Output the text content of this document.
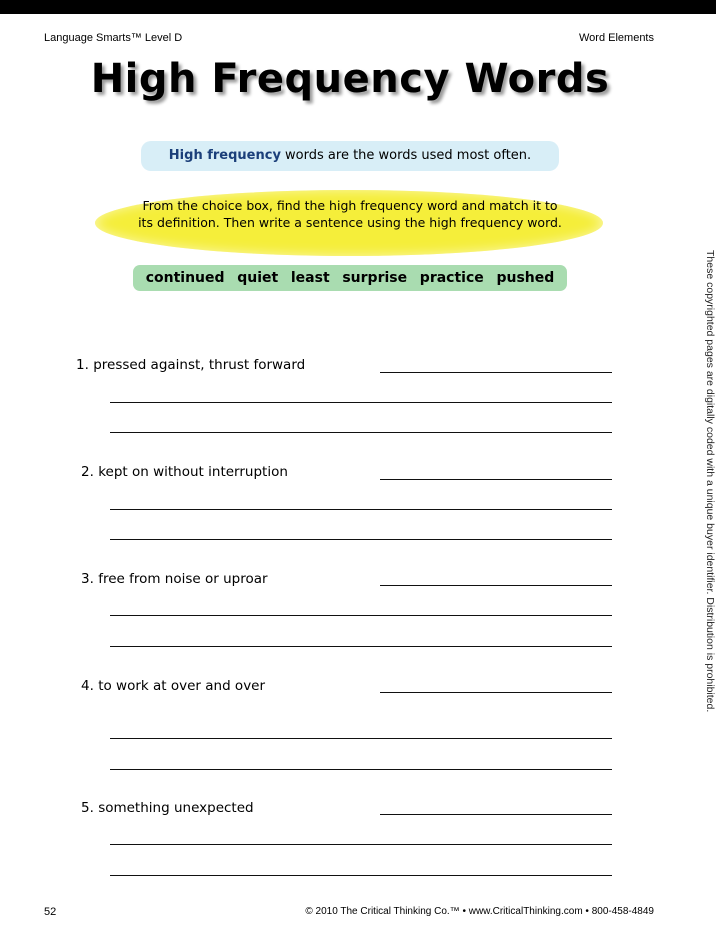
Language Smarts™ Level D	Word Elements
High Frequency Words
High frequency words are the words used most often.
From the choice box, find the high frequency word and match it to its definition. Then write a sentence using the high frequency word.
continued quiet least surprise practice pushed
1. pressed against, thrust forward
2. kept on without interruption
3. free from noise or uproar
4. to work at over and over
5. something unexpected
These copyrighted pages are digitally coded with a unique buyer identifier. Distribution is prohibited.
52	© 2010 The Critical Thinking Co.™ • www.CriticalThinking.com • 800-458-4849
